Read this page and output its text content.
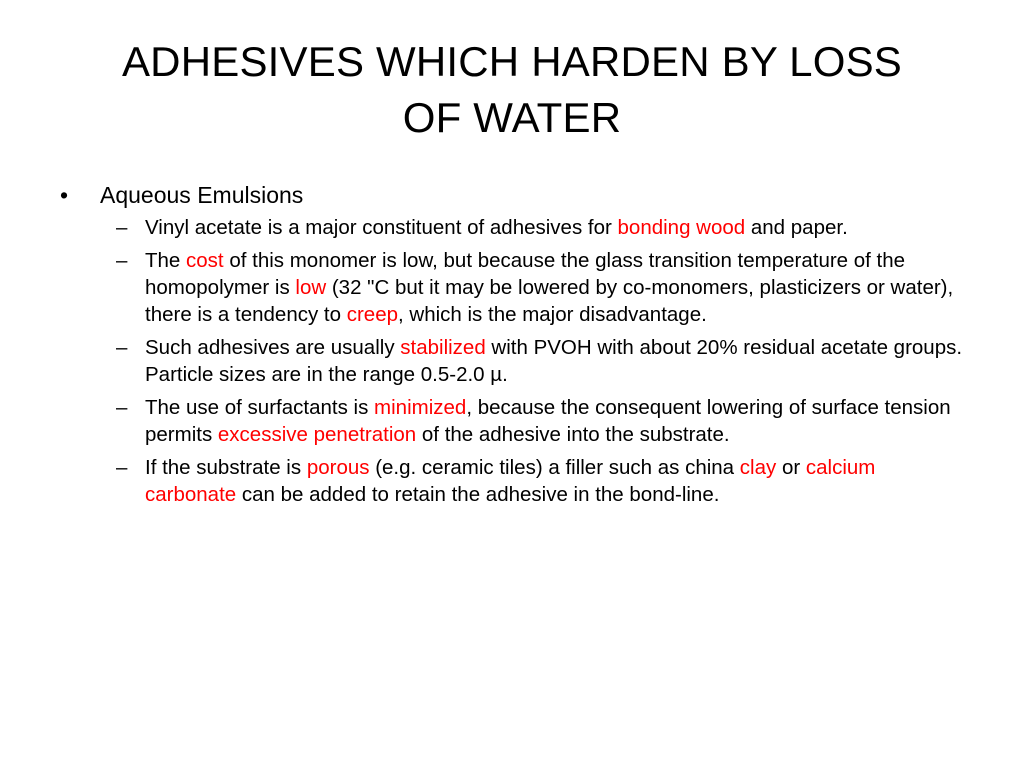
ADHESIVES WHICH HARDEN BY LOSS
OF WATER
• Aqueous Emulsions
– Vinyl acetate is a major constituent of adhesives for bonding wood and paper.
– The cost of this monomer is low, but because the glass transition temperature of the homopolymer is low (32 "C but it may be lowered by co-monomers, plasticizers or water), there is a tendency to creep, which is the major disadvantage.
– Such adhesives are usually stabilized with PVOH with about 20% residual acetate groups. Particle sizes are in the range 0.5-2.0 µ.
– The use of surfactants is minimized, because the consequent lowering of surface tension permits excessive penetration of the adhesive into the substrate.
– If the substrate is porous (e.g. ceramic tiles) a filler such as china clay or calcium carbonate can be added to retain the adhesive in the bond-line.
